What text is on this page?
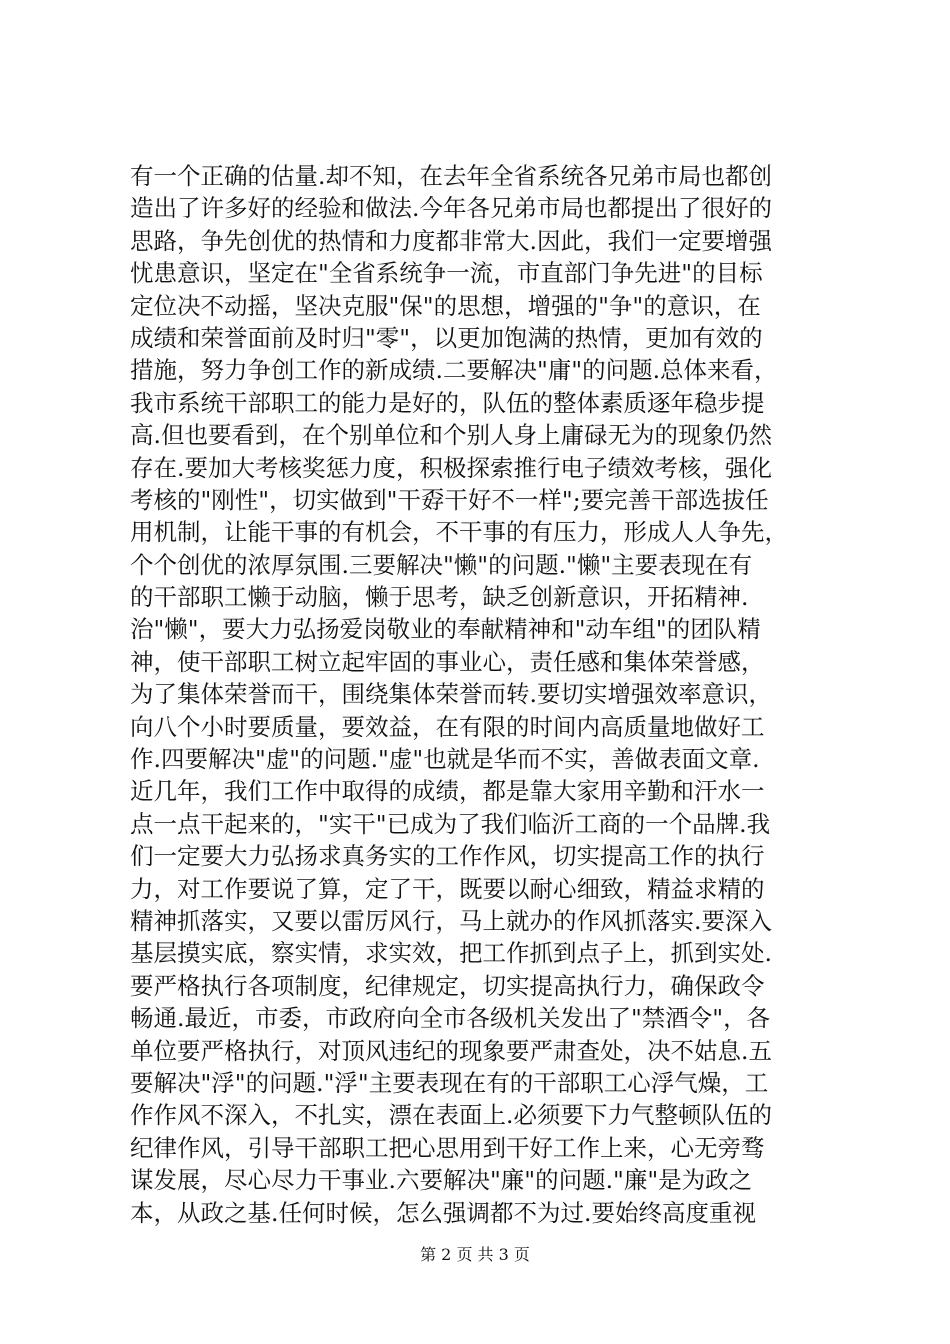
有一个正确的估量.却不知，在去年全省系统各兄弟市局也都创
造出了许多好的经验和做法.今年各兄弟市局也都提出了很好的
思路，争先创优的热情和力度都非常大.因此，我们一定要增强
忧患意识，坚定在"全省系统争一流，市直部门争先进"的目标
定位决不动摇，坚决克服"保"的思想，增强的"争"的意识，在
成绩和荣誉面前及时归"零"，以更加饱满的热情，更加有效的
措施，努力争创工作的新成绩.二要解决"庸"的问题.总体来看，
我市系统干部职工的能力是好的，队伍的整体素质逐年稳步提
高.但也要看到，在个别单位和个别人身上庸碌无为的现象仍然
存在.要加大考核奖惩力度，积极探索推行电子绩效考核，强化
考核的"刚性"，切实做到"干孬干好不一样";要完善干部选拔任
用机制，让能干事的有机会，不干事的有压力，形成人人争先，
个个创优的浓厚氛围.三要解决"懒"的问题."懒"主要表现在有
的干部职工懒于动脑，懒于思考，缺乏创新意识，开拓精神.
治"懒"，要大力弘扬爱岗敬业的奉献精神和"动车组"的团队精
神，使干部职工树立起牢固的事业心，责任感和集体荣誉感，
为了集体荣誉而干，围绕集体荣誉而转.要切实增强效率意识，
向八个小时要质量，要效益，在有限的时间内高质量地做好工
作.四要解决"虚"的问题."虚"也就是华而不实，善做表面文章.
近几年，我们工作中取得的成绩，都是靠大家用辛勤和汗水一
点一点干起来的，"实干"已成为了我们临沂工商的一个品牌.我
们一定要大力弘扬求真务实的工作作风，切实提高工作的执行
力，对工作要说了算，定了干，既要以耐心细致，精益求精的
精神抓落实，又要以雷厉风行，马上就办的作风抓落实.要深入
基层摸实底，察实情，求实效，把工作抓到点子上，抓到实处.
要严格执行各项制度，纪律规定，切实提高执行力，确保政令
畅通.最近，市委，市政府向全市各级机关发出了"禁酒令"，各
单位要严格执行，对顶风违纪的现象要严肃查处，决不姑息.五
要解决"浮"的问题."浮"主要表现在有的干部职工心浮气燥，工
作作风不深入，不扎实，漂在表面上.必须要下力气整顿队伍的
纪律作风，引导干部职工把心思用到干好工作上来，心无旁骛
谋发展，尽心尽力干事业.六要解决"廉"的问题."廉"是为政之
本，从政之基.任何时候，怎么强调都不为过.要始终高度重视
第 2 页 共 3 页
